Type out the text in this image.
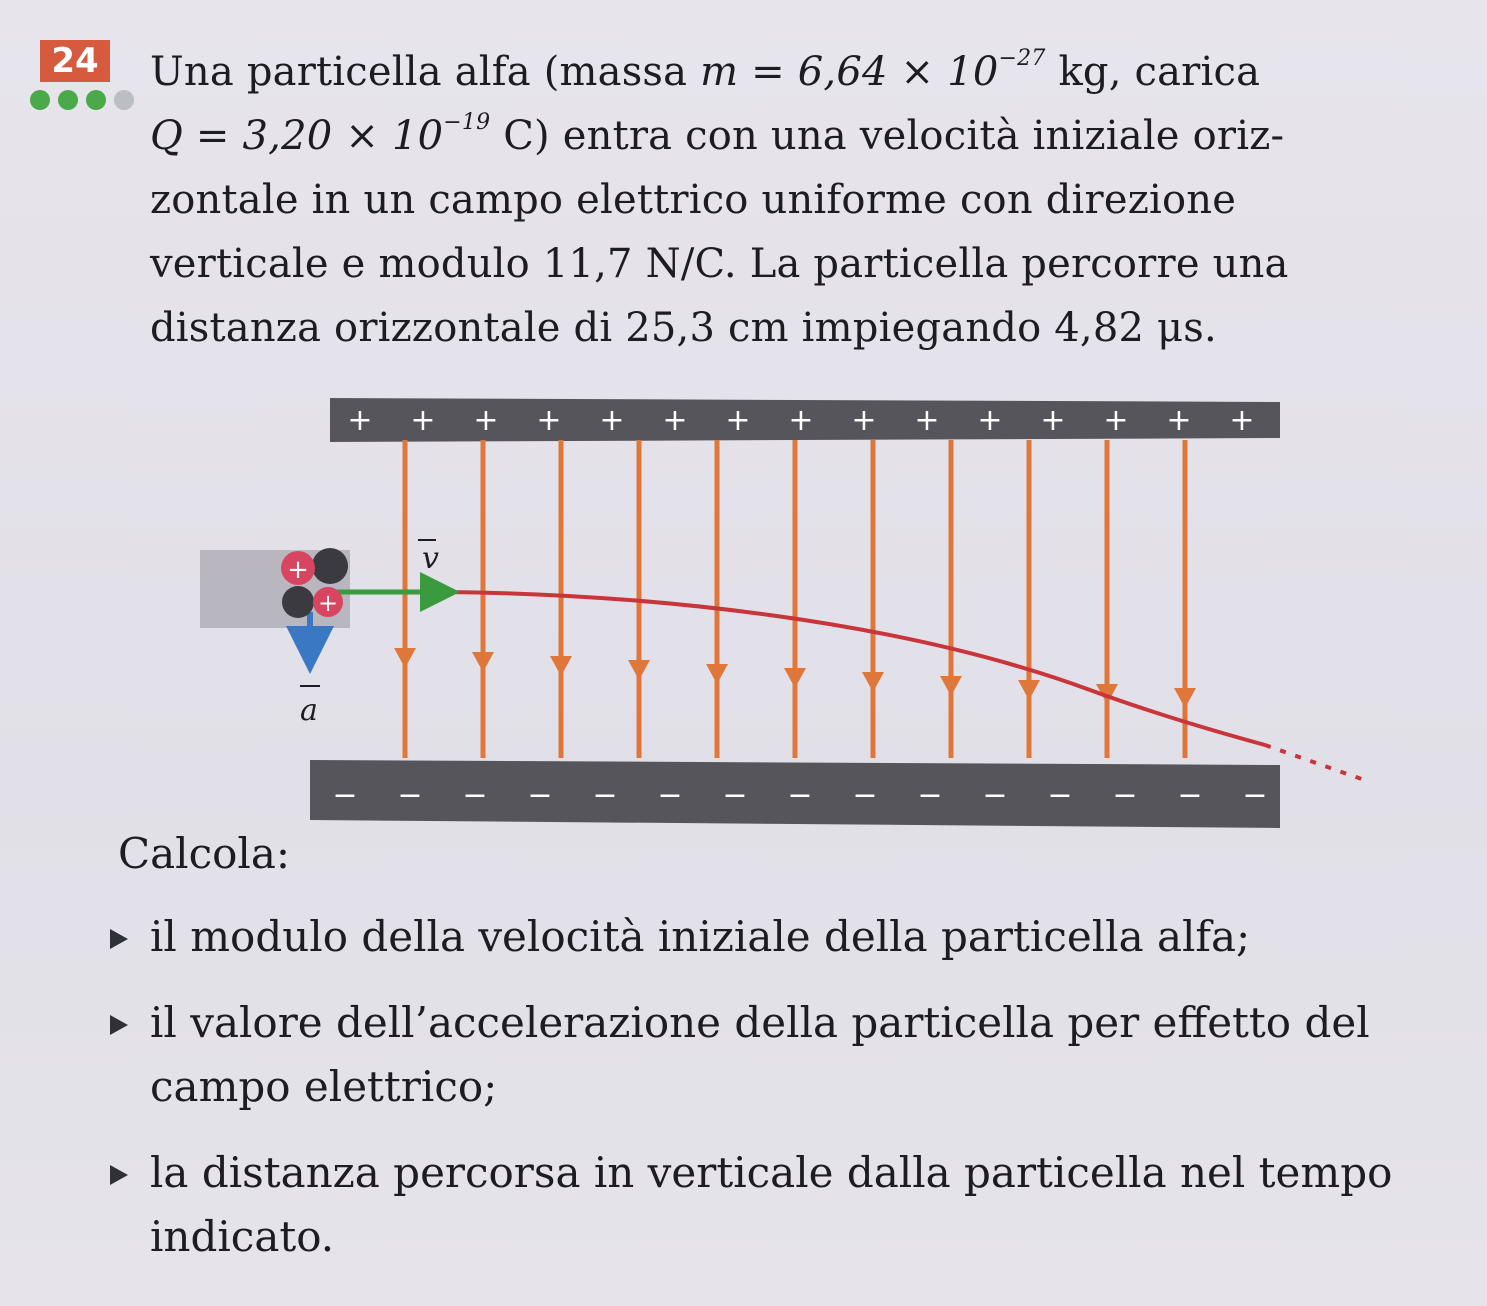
24 Una particella alfa (massa $m = 6,64 \times 10^{-27}$ kg, carica
$Q = 3,20 \times 10^{-19}$ C) entra con una velocità iniziale oriz-
zontale in un campo elettrico uniforme con direzione
verticale e modulo 11,7 N/C. La particella percorre una
distanza orizzontale di 25,3 cm impiegando 4,82 μs.
+ + + + + + + + + + + + + + +
− − − − − − − − − − − − − − −
v
a
+
+
Calcola:
il modulo della velocità iniziale della particella alfa;
il valore dell’accelerazione della particella per effetto del campo elettrico;
la distanza percorsa in verticale dalla particella nel tempo indicato.
